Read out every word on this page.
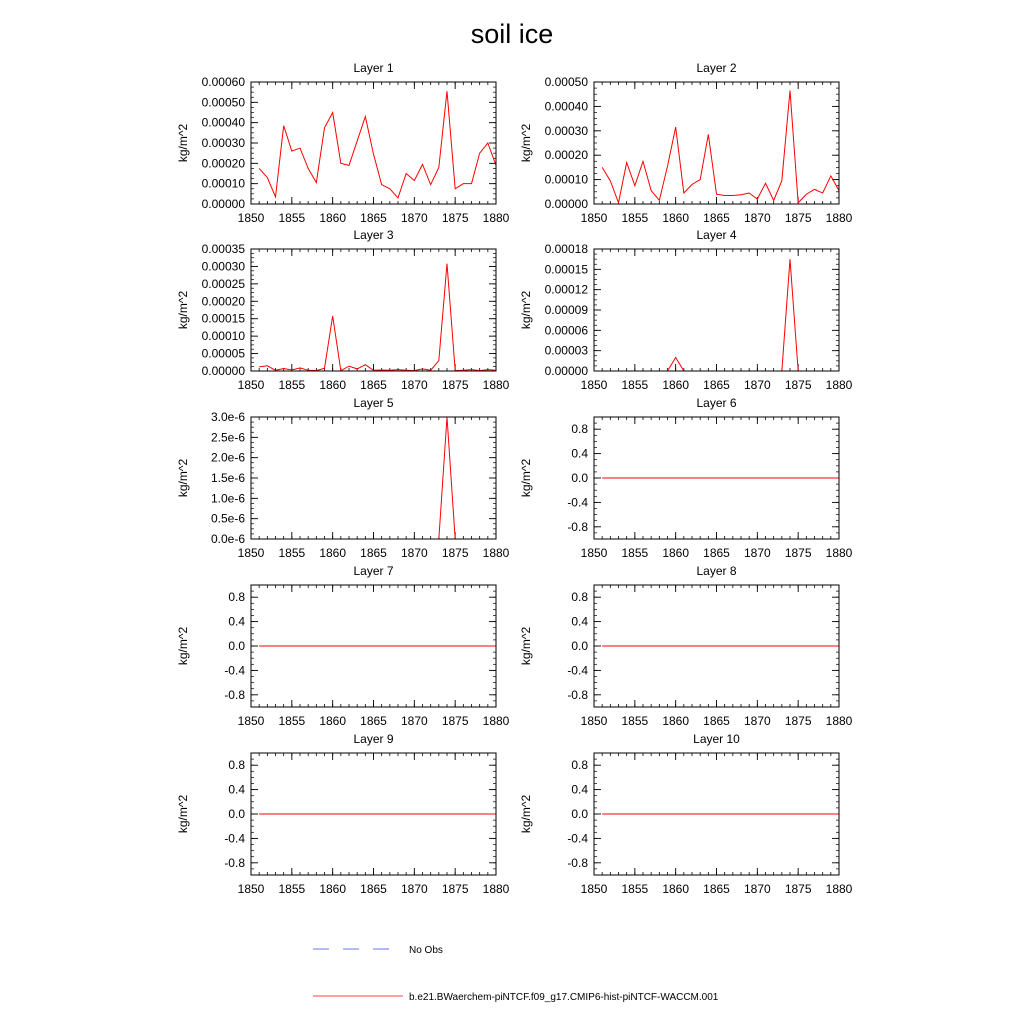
soil ice
Layer 1
1850 1855 1860 1865 1870 1875 1880
0.00000
0.00010
0.00020
0.00030
0.00040
0.00050
0.00060
kg/m^2
Layer 2
1850 1855 1860 1865 1870 1875 1880
0.00000
0.00010
0.00020
0.00030
0.00040
0.00050
kg/m^2
Layer 3
1850 1855 1860 1865 1870 1875 1880
0.00000
0.00005
0.00010
0.00015
0.00020
0.00025
0.00030
0.00035
kg/m^2
Layer 4
1850 1855 1860 1865 1870 1875 1880
0.00000
0.00003
0.00006
0.00009
0.00012
0.00015
0.00018
kg/m^2
Layer 5
1850 1855 1860 1865 1870 1875 1880
0.0e-6
0.5e-6
1.0e-6
1.5e-6
2.0e-6
2.5e-6
3.0e-6
kg/m^2
Layer 6
1850 1855 1860 1865 1870 1875 1880
-0.8
-0.4
0.0
0.4
0.8
kg/m^2
Layer 7
1850 1855 1860 1865 1870 1875 1880
-0.8
-0.4
0.0
0.4
0.8
kg/m^2
Layer 8
1850 1855 1860 1865 1870 1875 1880
-0.8
-0.4
0.0
0.4
0.8
kg/m^2
Layer 9
1850 1855 1860 1865 1870 1875 1880
-0.8
-0.4
0.0
0.4
0.8
kg/m^2
Layer 10
1850 1855 1860 1865 1870 1875 1880
-0.8
-0.4
0.0
0.4
0.8
kg/m^2
No Obs
b.e21.BWaerchem-piNTCF.f09_g17.CMIP6-hist-piNTCF-WACCM.001
